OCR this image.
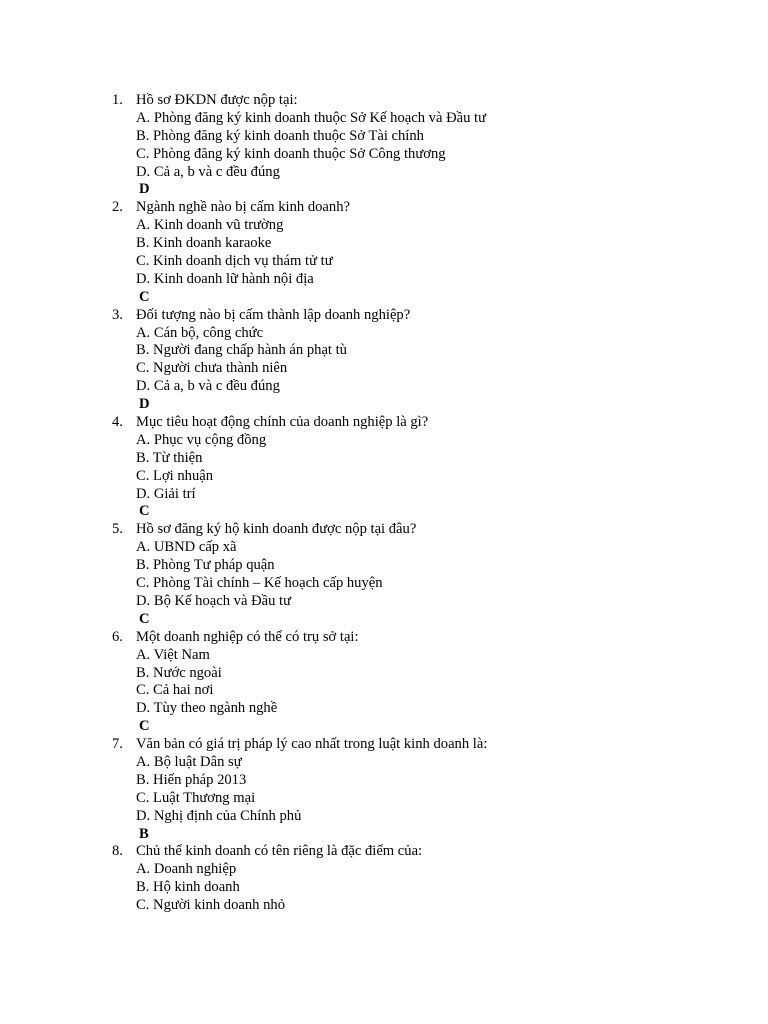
1. Hồ sơ ĐKDN được nộp tại:
A. Phòng đăng ký kinh doanh thuộc Sở Kế hoạch và Đầu tư
B. Phòng đăng ký kinh doanh thuộc Sở Tài chính
C. Phòng đăng ký kinh doanh thuộc Sở Công thương
D. Cả a, b và c đều đúng
D
2. Ngành nghề nào bị cấm kinh doanh?
A. Kinh doanh vũ trường
B. Kinh doanh karaoke
C. Kinh doanh dịch vụ thám tử tư
D. Kinh doanh lữ hành nội địa
C
3. Đối tượng nào bị cấm thành lập doanh nghiệp?
A. Cán bộ, công chức
B. Người đang chấp hành án phạt tù
C. Người chưa thành niên
D. Cả a, b và c đều đúng
D
4. Mục tiêu hoạt động chính của doanh nghiệp là gì?
A. Phục vụ cộng đồng
B. Từ thiện
C. Lợi nhuận
D. Giải trí
C
5. Hồ sơ đăng ký hộ kinh doanh được nộp tại đâu?
A. UBND cấp xã
B. Phòng Tư pháp quận
C. Phòng Tài chính – Kế hoạch cấp huyện
D. Bộ Kế hoạch và Đầu tư
C
6. Một doanh nghiệp có thể có trụ sở tại:
A. Việt Nam
B. Nước ngoài
C. Cả hai nơi
D. Tùy theo ngành nghề
C
7. Văn bản có giá trị pháp lý cao nhất trong luật kinh doanh là:
A. Bộ luật Dân sự
B. Hiến pháp 2013
C. Luật Thương mại
D. Nghị định của Chính phủ
B
8. Chủ thể kinh doanh có tên riêng là đặc điểm của:
A. Doanh nghiệp
B. Hộ kinh doanh
C. Người kinh doanh nhỏ
